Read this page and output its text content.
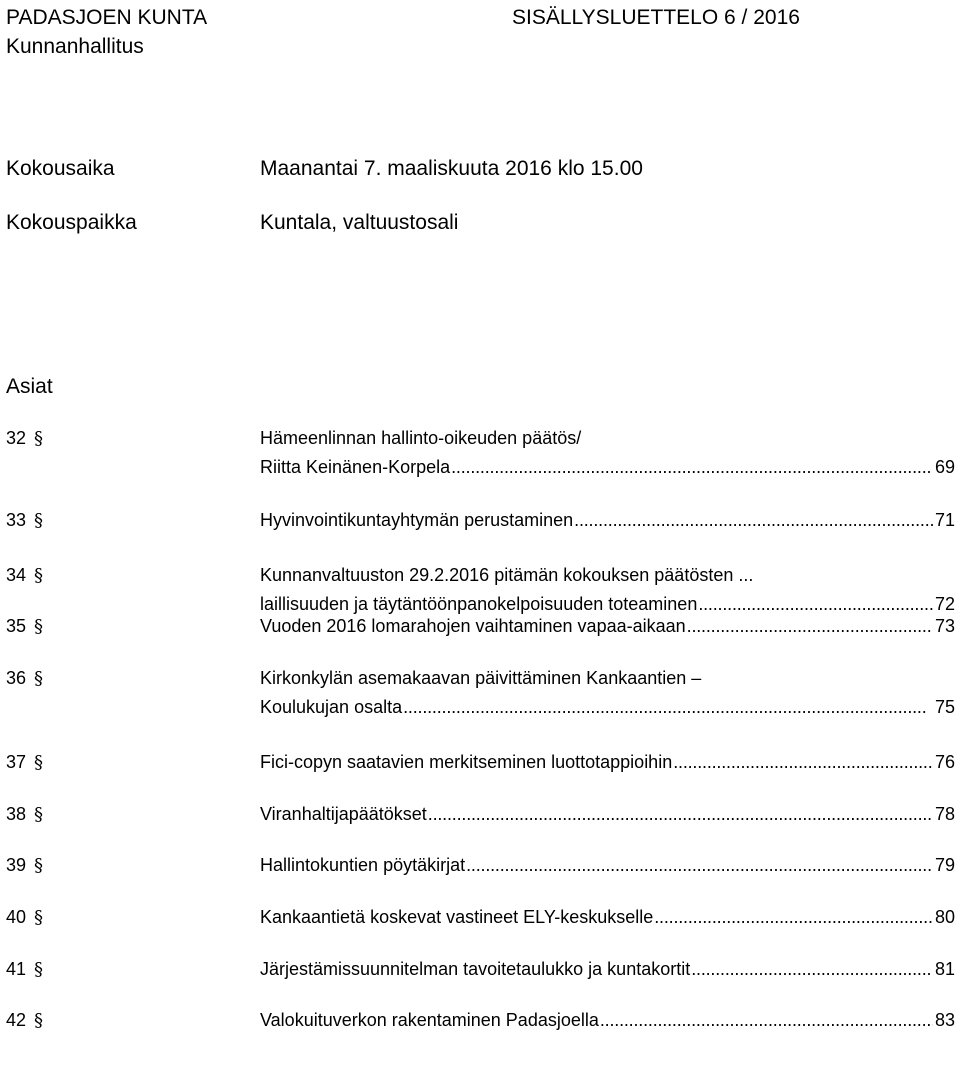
PADASJOEN KUNTA	SISÄLLYSLUETTELO 6 / 2016
Kunnanhallitus
Kokousaika	Maanantai 7. maaliskuuta 2016 klo 15.00
Kokouspaikka	Kuntala, valtuustosali
Asiat
32 §	Hämeenlinnan hallinto-oikeuden päätös/
Riitta Keinänen-Korpela . . .	69
33 §	Hyvinvointikuntayhtymän perustaminen . . .	71
34 §	Kunnanvaltuuston 29.2.2016 pitämän kokouksen päätösten ...
laillisuuden ja täytäntöönpanokelpoisuuden toteaminen . . .	72
35 §	Vuoden 2016 lomarahojen vaihtaminen vapaa-aikaan . . .	73
36 §	Kirkonkylän asemakaavan päivittäminen Kankaantien –
Koulukujan osalta . . .	75
37 §	Fici-copyn saatavien merkitseminen luottotappioihin . . .	76
38 §	Viranhaltijapäätökset . . .	78
39 §	Hallintokuntien pöytäkirjat . . .	79
40 §	Kankaantietä koskevat vastineet ELY-keskukselle . . .	80
41 §	Järjestämissuunnitelman tavoitetaulukko ja kuntakortit . . .	81
42 §	Valokuituverkon rakentaminen Padasjoella . . .	83
